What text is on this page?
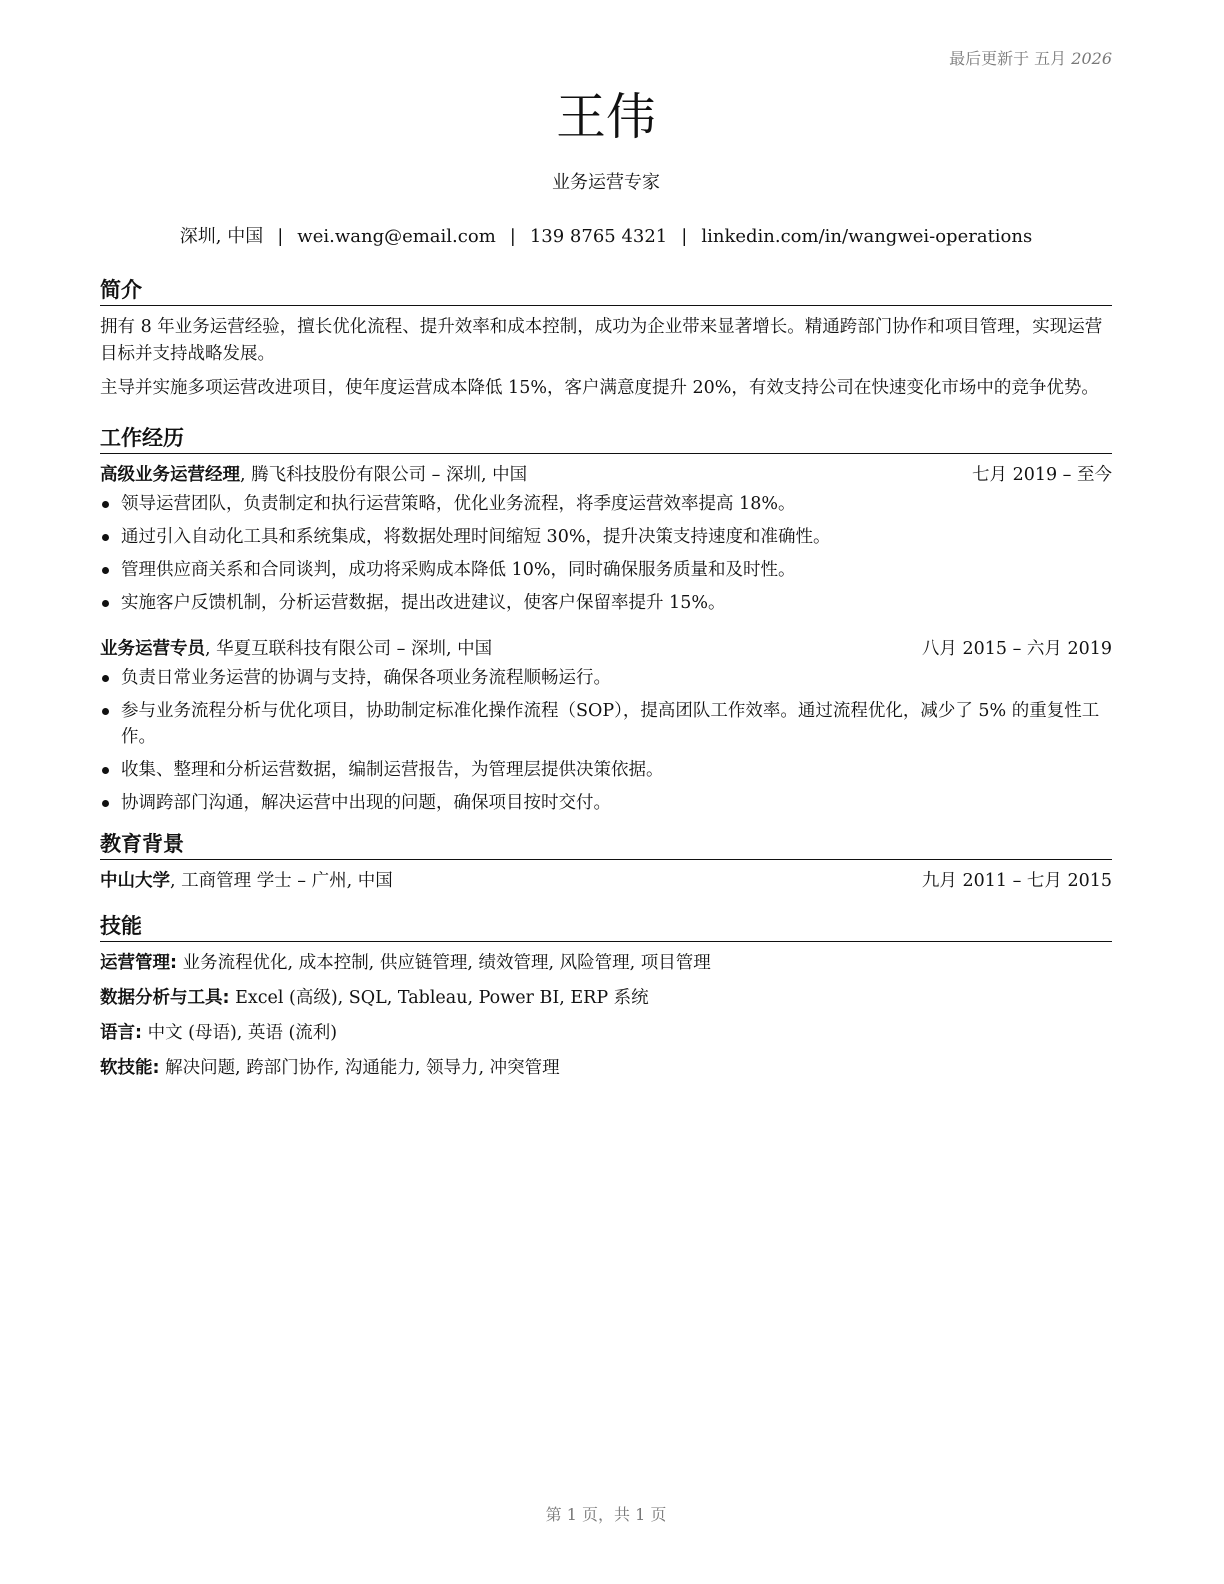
最后更新于 五月 2026
王伟
业务运营专家
深圳, 中国 | wei.wang@email.com | 139 8765 4321 | linkedin.com/in/wangwei-operations
简介

拥有 8 年业务运营经验，擅长优化流程、提升效率和成本控制，成功为企业带来显著增长。精通跨部门协作和项目管理，实现运营目标并支持战略发展。

主导并实施多项运营改进项目，使年度运营成本降低 15%，客户满意度提升 20%，有效支持公司在快速变化市场中的竞争优势。

工作经历
高级业务运营经理, 腾飞科技股份有限公司 – 深圳, 中国	七月 2019 – 至今
领导运营团队，负责制定和执行运营策略，优化业务流程，将季度运营效率提高 18%。
通过引入自动化工具和系统集成，将数据处理时间缩短 30%，提升决策支持速度和准确性。
管理供应商关系和合同谈判，成功将采购成本降低 10%，同时确保服务质量和及时性。
实施客户反馈机制，分析运营数据，提出改进建议，使客户保留率提升 15%。
业务运营专员, 华夏互联科技有限公司 – 深圳, 中国	八月 2015 – 六月 2019
负责日常业务运营的协调与支持，确保各项业务流程顺畅运行。
参与业务流程分析与优化项目，协助制定标准化操作流程（SOP），提高团队工作效率。通过流程优化，减少了 5% 的重复性工作。
收集、整理和分析运营数据，编制运营报告，为管理层提供决策依据。
协调跨部门沟通，解决运营中出现的问题，确保项目按时交付。
教育背景
中山大学, 工商管理 学士 – 广州, 中国	九月 2011 – 七月 2015
技能
运营管理: 业务流程优化, 成本控制, 供应链管理, 绩效管理, 风险管理, 项目管理
数据分析与工具: Excel (高级), SQL, Tableau, Power BI, ERP 系统
语言: 中文 (母语), 英语 (流利)
软技能: 解决问题, 跨部门协作, 沟通能力, 领导力, 冲突管理
第 1 页，共 1 页
